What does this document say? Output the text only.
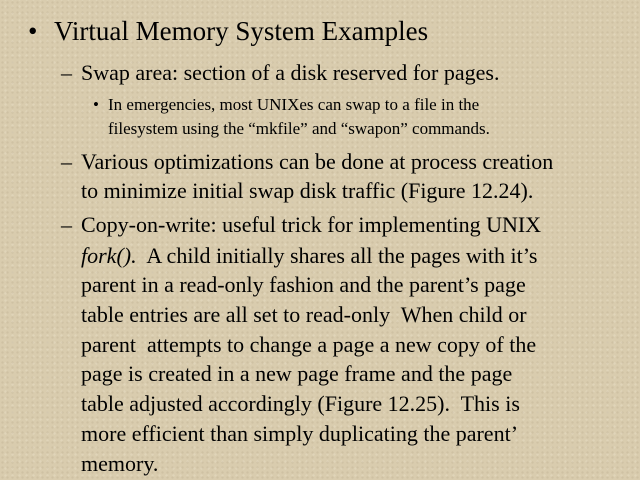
• Virtual Memory System Examples
– Swap area: section of a disk reserved for pages.
• In emergencies, most UNIXes can swap to a file in the
filesystem using the “mkfile” and “swapon” commands.
– Various optimizations can be done at process creation
to minimize initial swap disk traffic (Figure 12.24).
– Copy-on-write: useful trick for implementing UNIX
fork().  A child initially shares all the pages with it’s
parent in a read-only fashion and the parent’s page
table entries are all set to read-only  When child or
parent  attempts to change a page a new copy of the
page is created in a new page frame and the page
table adjusted accordingly (Figure 12.25).  This is
more efficient than simply duplicating the parent’
memory.
